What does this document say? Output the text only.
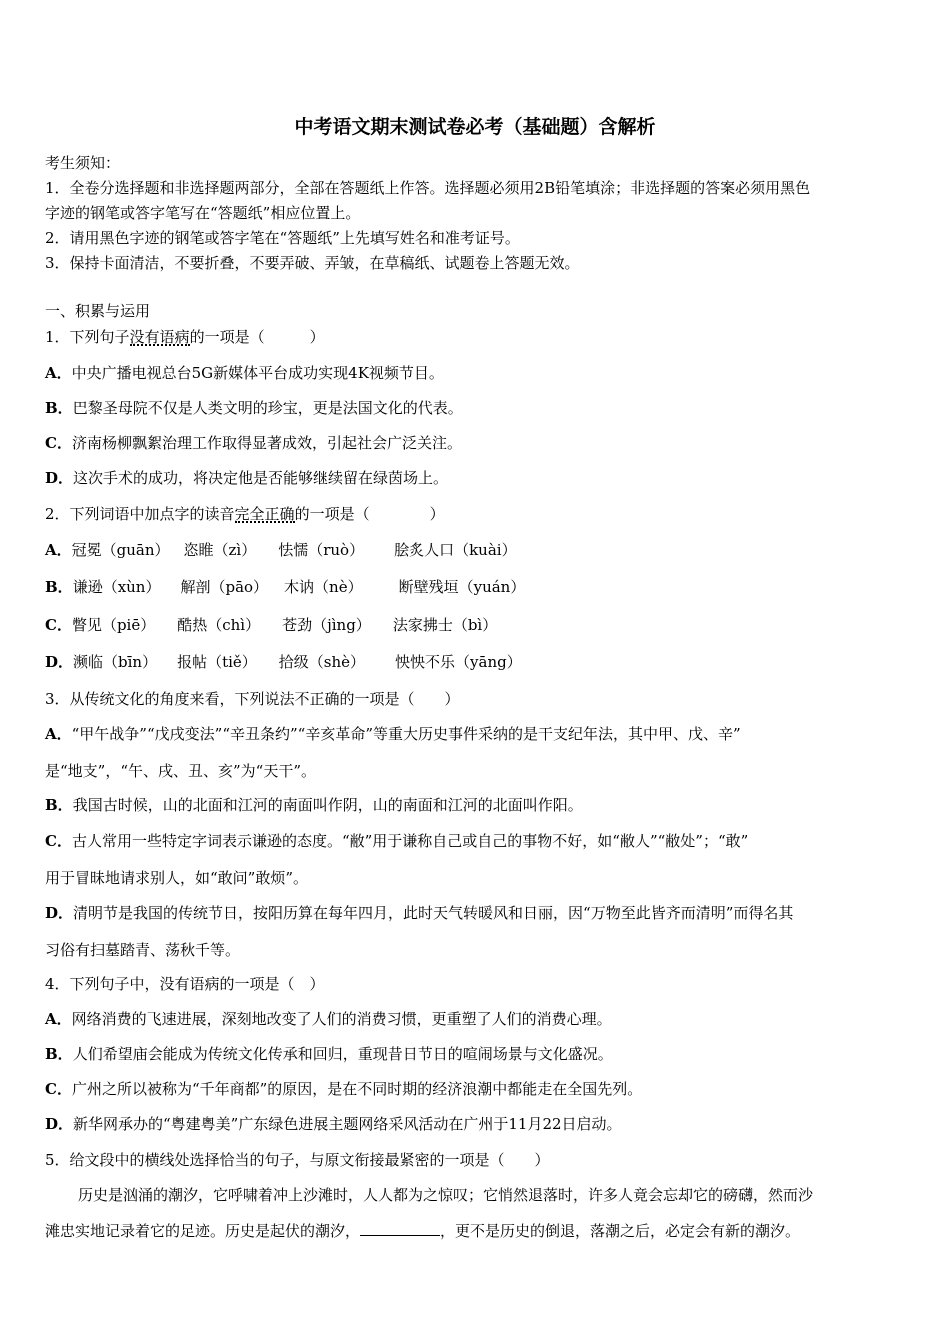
中考语文期末测试卷必考（基础题）含解析
考生须知：
1．全卷分选择题和非选择题两部分，全部在答题纸上作答。选择题必须用2B铅笔填涂；非选择题的答案必须用黑色
字迹的钢笔或答字笔写在“答题纸”相应位置上。
2．请用黑色字迹的钢笔或答字笔在“答题纸”上先填写姓名和准考证号。
3．保持卡面清洁，不要折叠，不要弄破、弄皱，在草稿纸、试题卷上答题无效。
一、积累与运用
1．下列句子没有语病的一项是（　　　）
A．中央广播电视总台5G新媒体平台成功实现4K视频节目。
B．巴黎圣母院不仅是人类文明的珍宝，更是法国文化的代表。
C．济南杨柳飘絮治理工作取得显著成效，引起社会广泛关注。
D．这次手术的成功，将决定他是否能够继续留在绿茵场上。
2．下列词语中加点字的读音完全正确的一项是（　　　　）
A．冠冕（guān） 恣睢（zì） 怯懦（ruò） 脍炙人口（kuài）
B．谦逊（xùn） 解剖（pāo） 木讷（nè） 断壁残垣（yuán）
C．瞥见（piē） 酷热（chì） 苍劲（jìng） 法家拂士（bì）
D．濒临（bīn） 报帖（tiě） 拾级（shè） 怏怏不乐（yāng）
3．从传统文化的角度来看，下列说法不正确的一项是（　　）
A．“甲午战争”“戊戌变法”“辛丑条约”“辛亥革命”等重大历史事件采纳的是干支纪年法，其中甲、戊、辛”
是“地支”，“午、戌、丑、亥”为“天干”。
B．我国古时候，山的北面和江河的南面叫作阴，山的南面和江河的北面叫作阳。
C．古人常用一些特定字词表示谦逊的态度。“敝”用于谦称自己或自己的事物不好，如“敝人”“敝处”；“敢”
用于冒昧地请求别人，如“敢问”敢烦”。
D．清明节是我国的传统节日，按阳历算在每年四月，此时天气转暖风和日丽，因“万物至此皆齐而清明”而得名其
习俗有扫墓踏青、荡秋千等。
4．下列句子中，没有语病的一项是（　）
A．网络消费的飞速进展，深刻地改变了人们的消费习惯，更重塑了人们的消费心理。
B．人们希望庙会能成为传统文化传承和回归，重现昔日节日的喧闹场景与文化盛况。
C．广州之所以被称为“千年商都”的原因，是在不同时期的经济浪潮中都能走在全国先列。
D．新华网承办的“粤建粤美”广东绿色进展主题网络采风活动在广州于11月22日启动。
5．给文段中的横线处选择恰当的句子，与原文衔接最紧密的一项是（　　）
历史是汹涌的潮汐，它呼啸着冲上沙滩时，人人都为之惊叹；它悄然退落时，许多人竟会忘却它的磅礴，然而沙
滩忠实地记录着它的足迹。历史是起伏的潮汐，	，更不是历史的倒退，落潮之后，必定会有新的潮汐。
